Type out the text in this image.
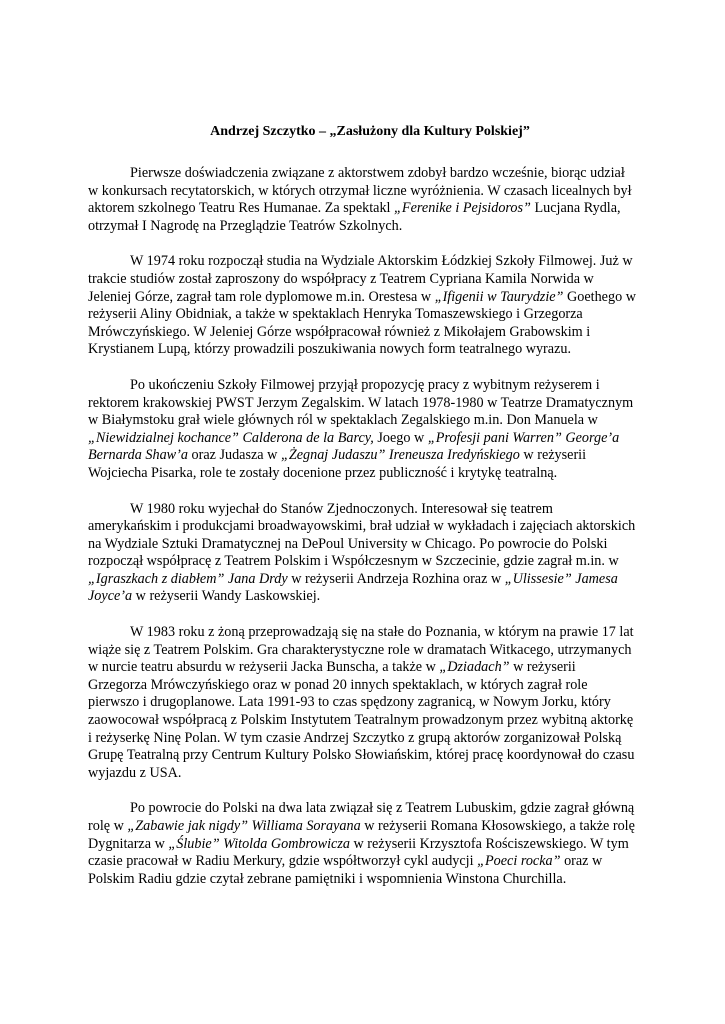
Andrzej Szczytko – „Zasłużony dla Kultury Polskiej”

Pierwsze doświadczenia związane z aktorstwem zdobył bardzo wcześnie, biorąc udział w konkursach recytatorskich, w których otrzymał liczne wyróżnienia. W czasach licealnych był aktorem szkolnego Teatru Res Humanae. Za spektakl „Ferenike i Pejsidoros” Lucjana Rydla, otrzymał I Nagrodę na Przeglądzie Teatrów Szkolnych.

W 1974 roku rozpoczął studia na Wydziale Aktorskim Łódzkiej Szkoły Filmowej. Już w trakcie studiów został zaproszony do współpracy z Teatrem Cypriana Kamila Norwida w Jeleniej Górze, zagrał tam role dyplomowe m.in. Orestesa w „Ifigenii w Taurydzie” Goethego w reżyserii Aliny Obidniak, a także w spektaklach Henryka Tomaszewskiego i Grzegorza Mrówczyńskiego. W Jeleniej Górze współpracował również z Mikołajem Grabowskim i Krystianem Lupą, którzy prowadzili poszukiwania nowych form teatralnego wyrazu.

Po ukończeniu Szkoły Filmowej przyjął propozycję pracy z wybitnym reżyserem i rektorem krakowskiej PWST Jerzym Zegalskim. W latach 1978-1980 w Teatrze Dramatycznym w Białymstoku grał wiele głównych ról w spektaklach Zegalskiego m.in. Don Manuela w „Niewidzialnej kochance” Calderona de la Barcy, Joego w „Profesji pani Warren” George’a Bernarda Shaw’a oraz Judasza w „Żegnaj Judaszu” Ireneusza Iredyńskiego w reżyserii Wojciecha Pisarka, role te zostały docenione przez publiczność i krytykę teatralną.

W 1980 roku wyjechał do Stanów Zjednoczonych. Interesował się teatrem amerykańskim i produkcjami broadwayowskimi, brał udział w wykładach i zajęciach aktorskich na Wydziale Sztuki Dramatycznej na DePoul University w Chicago. Po powrocie do Polski rozpoczął współpracę z Teatrem Polskim i Współczesnym w Szczecinie, gdzie zagrał m.in. w „Igraszkach z diabłem” Jana Drdy w reżyserii Andrzeja Rozhina oraz w „Ulissesie” Jamesa Joyce’a w reżyserii Wandy Laskowskiej.

W 1983 roku z żoną przeprowadzają się na stałe do Poznania, w którym na prawie 17 lat wiąże się z Teatrem Polskim. Gra charakterystyczne role w dramatach Witkacego, utrzymanych w nurcie teatru absurdu w reżyserii Jacka Bunscha, a także w „Dziadach” w reżyserii Grzegorza Mrówczyńskiego oraz w ponad 20 innych spektaklach, w których zagrał role pierwszo i drugoplanowe. Lata 1991-93 to czas spędzony zagranicą, w Nowym Jorku, który zaowocował współpracą z Polskim Instytutem Teatralnym prowadzonym przez wybitną aktorkę i reżyserkę Ninę Polan. W tym czasie Andrzej Szczytko z grupą aktorów zorganizował Polską Grupę Teatralną przy Centrum Kultury Polsko Słowiańskim, której pracę koordynował do czasu wyjazdu z USA.

Po powrocie do Polski na dwa lata związał się z Teatrem Lubuskim, gdzie zagrał główną rolę w „Zabawie jak nigdy” Williama Sorayana w reżyserii Romana Kłosowskiego, a także rolę Dygnitarza w „Ślubie” Witolda Gombrowicza w reżyserii Krzysztofa Rościszewskiego. W tym czasie pracował w Radiu Merkury, gdzie współtworzył cykl audycji „Poeci rocka” oraz w Polskim Radiu gdzie czytał zebrane pamiętniki i wspomnienia Winstona Churchilla.
